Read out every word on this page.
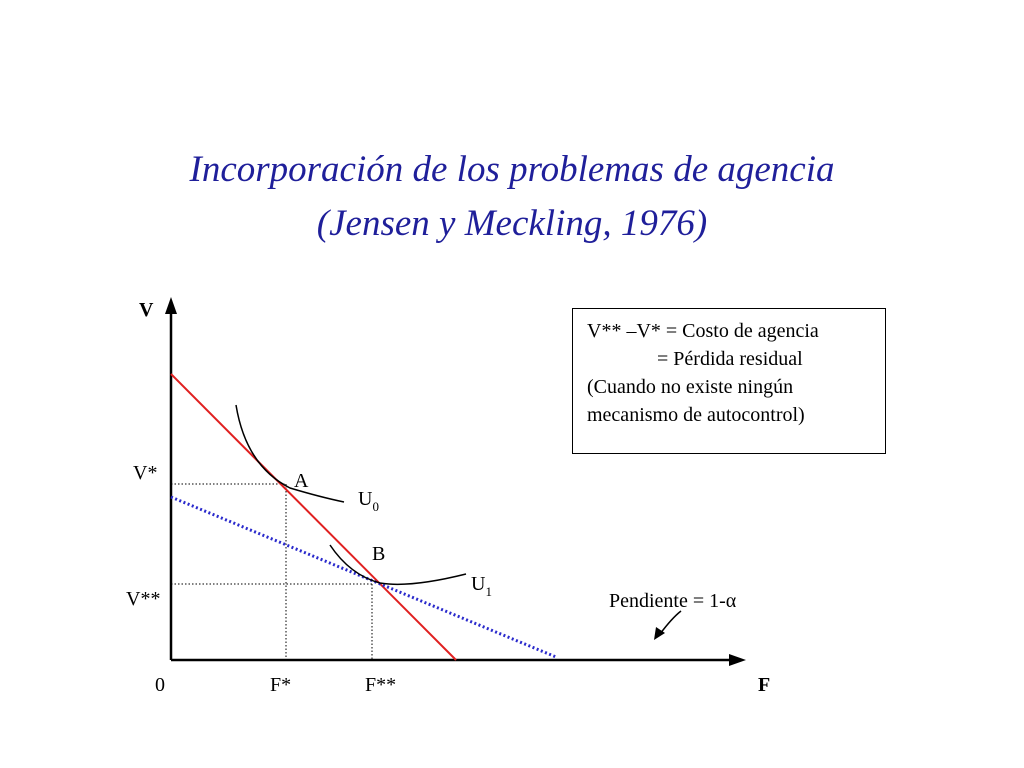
Incorporación de los problemas de agencia
(Jensen y Meckling, 1976)
V
F
0
V*
V**
F*	F**
A
B
$U_0$
$U_1$	Pendiente = 1-α
V** –V* = Costo de agencia
= Pérdida residual
(Cuando no existe ningún
mecanismo de autocontrol)
